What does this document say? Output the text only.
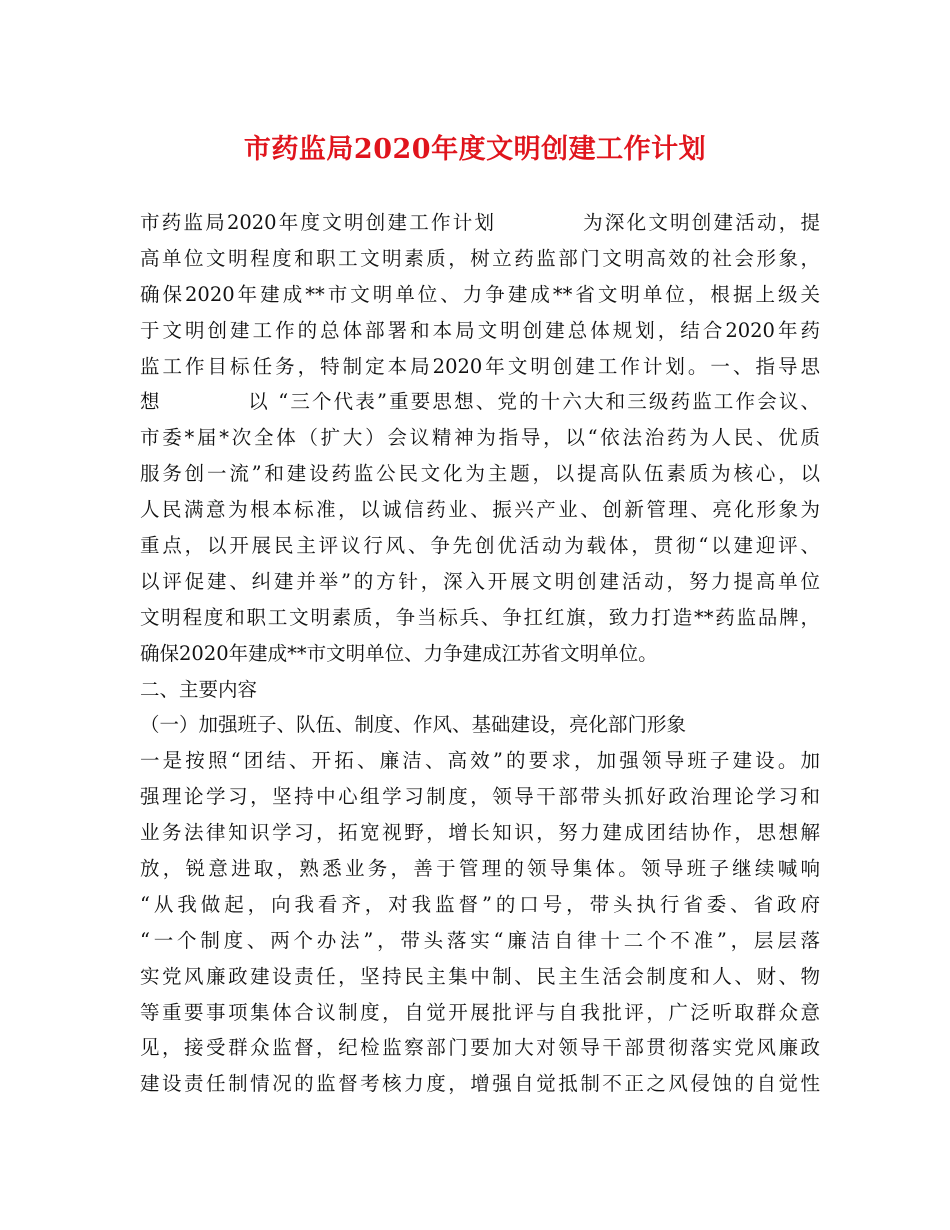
市药监局2020年度文明创建工作计划
市药监局2020年度文明创建工作计划　　　　为深化文明创建活动，提
高单位文明程度和职工文明素质，树立药监部门文明高效的社会形象，
确保2020年建成**市文明单位、力争建成**省文明单位，根据上级关
于文明创建工作的总体部署和本局文明创建总体规划，结合2020年药
监工作目标任务，特制定本局2020年文明创建工作计划。一、指导思
想　　　　以 “三个代表”重要思想、党的十六大和三级药监工作会议、
市委*届*次全体（扩大）会议精神为指导，以“依法治药为人民、优质
服务创一流”和建设药监公民文化为主题，以提高队伍素质为核心，以
人民满意为根本标准，以诚信药业、振兴产业、创新管理、亮化形象为
重点，以开展民主评议行风、争先创优活动为载体，贯彻“以建迎评、
以评促建、纠建并举”的方针，深入开展文明创建活动，努力提高单位
文明程度和职工文明素质，争当标兵、争扛红旗，致力打造**药监品牌，
确保2020年建成**市文明单位、力争建成江苏省文明单位。
二、主要内容
（一）加强班子、队伍、制度、作风、基础建设，亮化部门形象
一是按照“团结、开拓、廉洁、高效”的要求，加强领导班子建设。加
强理论学习，坚持中心组学习制度，领导干部带头抓好政治理论学习和
业务法律知识学习，拓宽视野，增长知识，努力建成团结协作，思想解
放，锐意进取，熟悉业务，善于管理的领导集体。领导班子继续喊响
“从我做起，向我看齐，对我监督”的口号，带头执行省委、省政府
“一个制度、两个办法”，带头落实“廉洁自律十二个不准”，层层落
实党风廉政建设责任，坚持民主集中制、民主生活会制度和人、财、物
等重要事项集体合议制度，自觉开展批评与自我批评，广泛听取群众意
见，接受群众监督，纪检监察部门要加大对领导干部贯彻落实党风廉政
建设责任制情况的监督考核力度，增强自觉抵制不正之风侵蚀的自觉性
